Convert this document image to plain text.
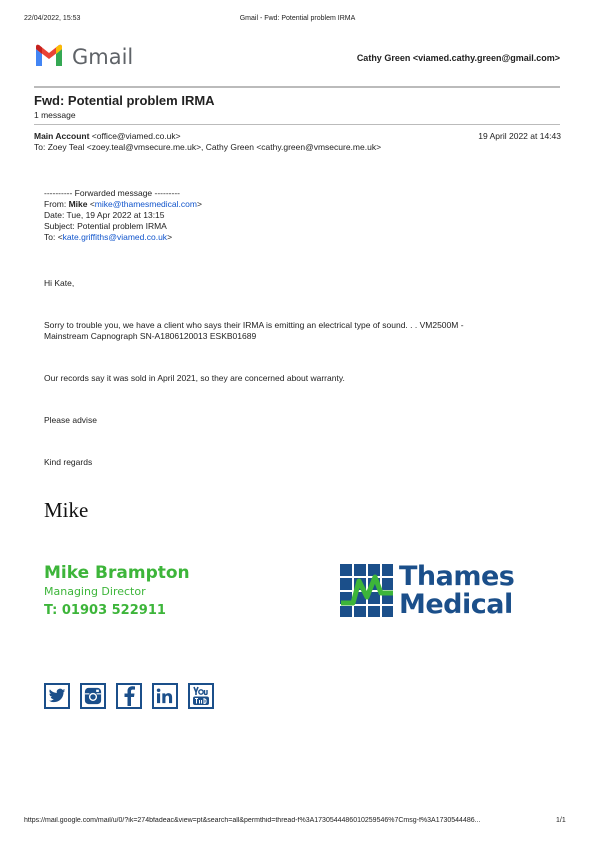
22/04/2022, 15:53	Gmail - Fwd: Potential problem IRMA
Gmail	Cathy Green <viamed.cathy.green@gmail.com>
Fwd: Potential problem IRMA
1 message
Main Account <office@viamed.co.uk>	19 April 2022 at 14:43
To: Zoey Teal <zoey.teal@vmsecure.me.uk>, Cathy Green <cathy.green@vmsecure.me.uk>
---------- Forwarded message ---------
From: Mike <mike@thamesmedical.com>
Date: Tue, 19 Apr 2022 at 13:15
Subject: Potential problem IRMA
To: <kate.griffiths@viamed.co.uk>
Hi Kate,
Sorry to trouble you, we have a client who says their IRMA is emitting an electrical type of sound. . . VM2500M -
Mainstream Capnograph SN-A1806120013 ESKB01689
Our records say it was sold in April 2021, so they are concerned about warranty.
Please advise
Kind regards
Mike
Mike Brampton
Managing Director
T: 01903 522911
Thames
Medical
https://mail.google.com/mail/u/0/?ik=274bfadeac&view=pt&search=all&permthid=thread-f%3A1730544486010259546%7Cmsg-f%3A1730544486...	1/1
